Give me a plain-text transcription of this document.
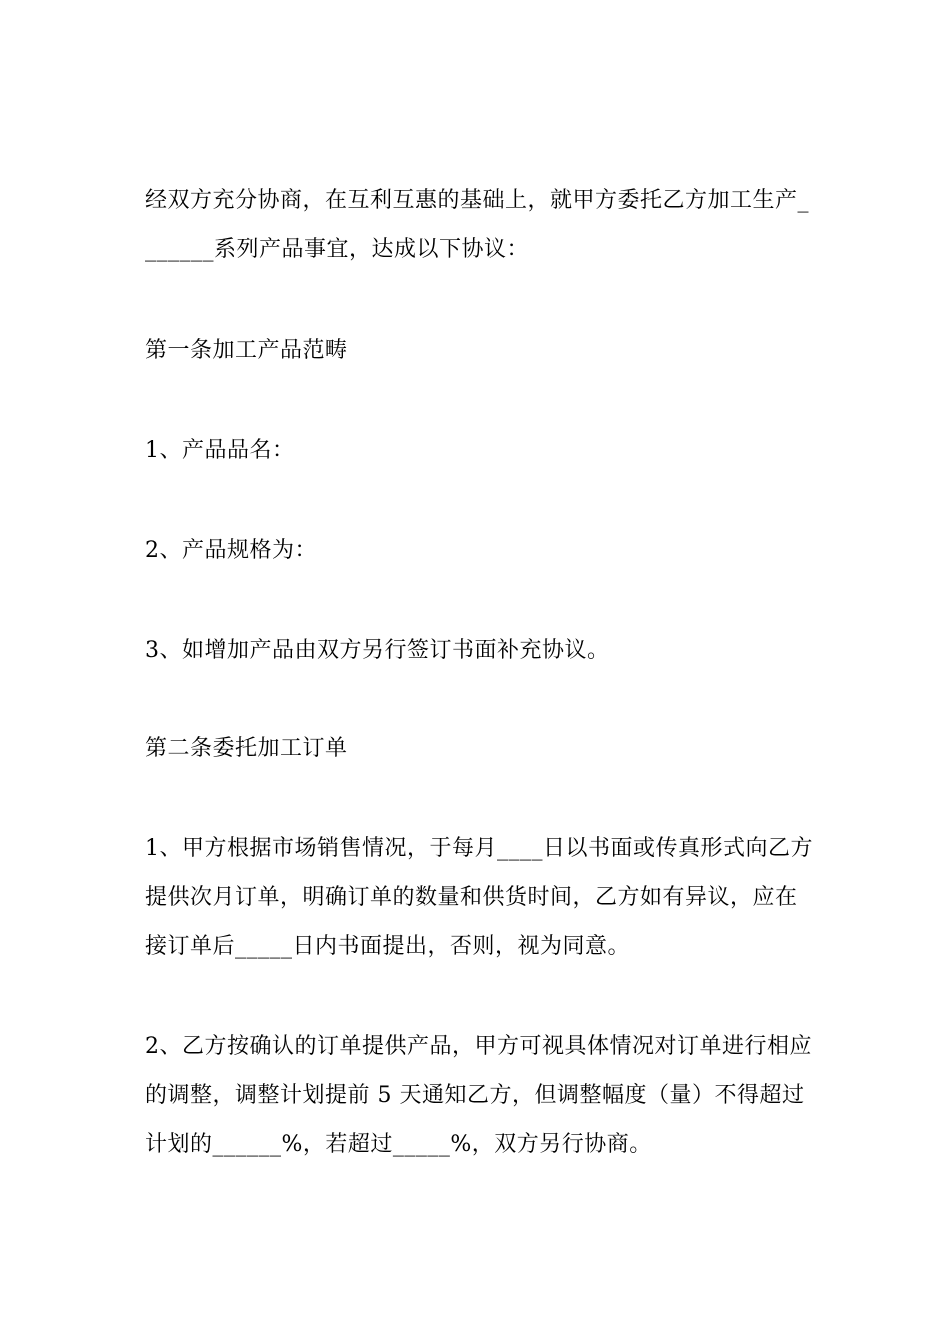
经双方充分协商，在互利互惠的基础上，就甲方委托乙方加工生产_
______系列产品事宜，达成以下协议：

第一条加工产品范畴

1、产品品名：

2、产品规格为：

3、如增加产品由双方另行签订书面补充协议。

第二条委托加工订单

1、甲方根据市场销售情况，于每月____日以书面或传真形式向乙方
提供次月订单，明确订单的数量和供货时间，乙方如有异议，应在
接订单后_____日内书面提出，否则，视为同意。

2、乙方按确认的订单提供产品，甲方可视具体情况对订单进行相应
的调整，调整计划提前 5 天通知乙方，但调整幅度（量）不得超过
计划的______%，若超过_____%，双方另行协商。
